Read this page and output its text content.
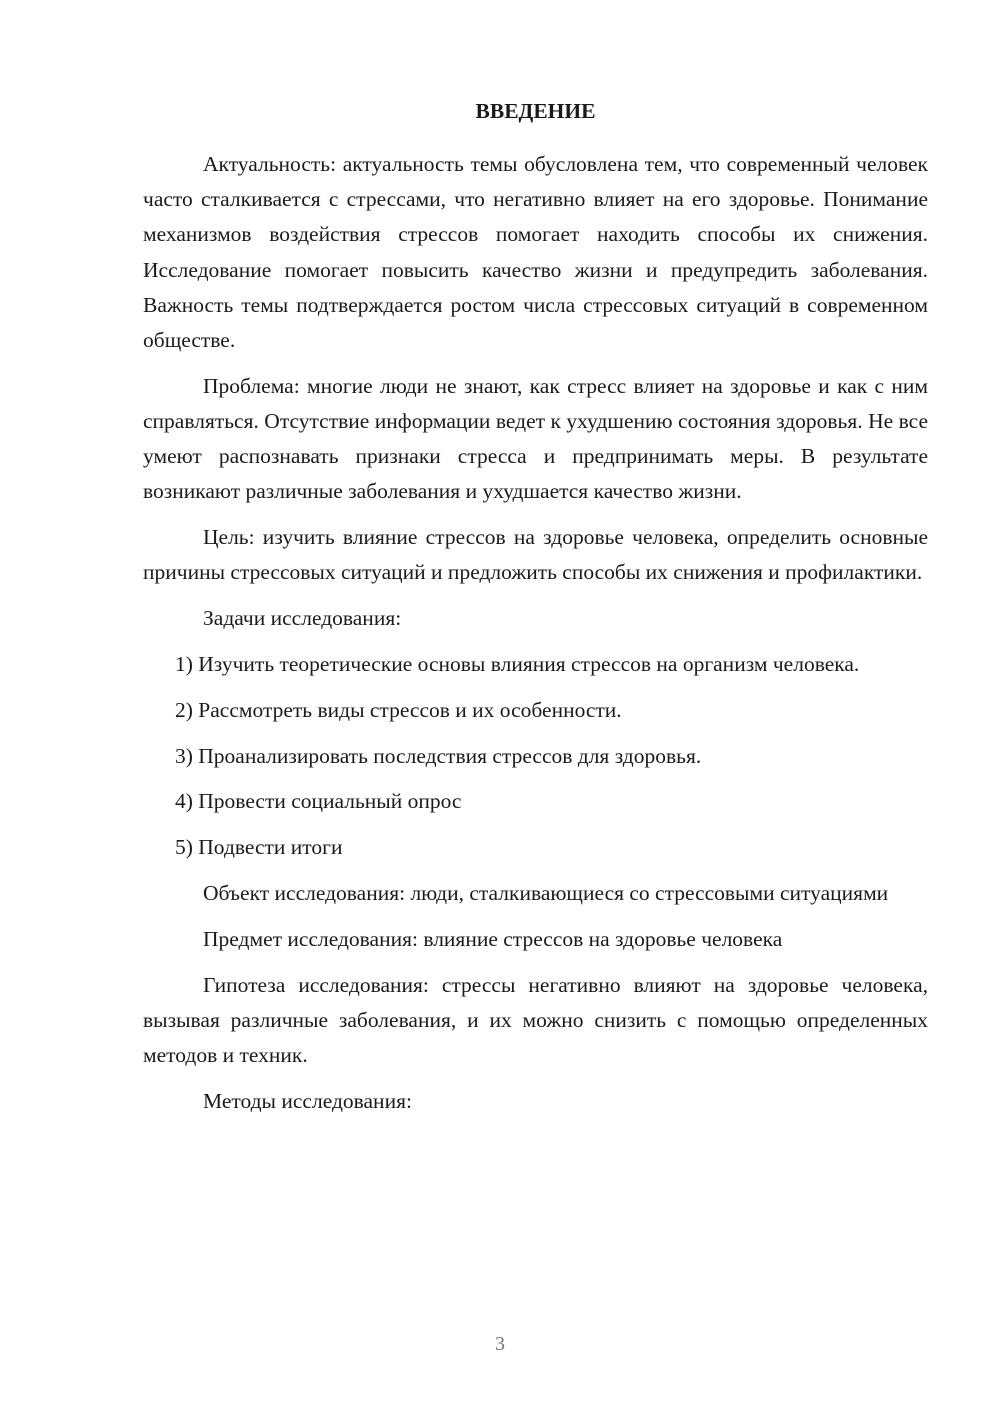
ВВЕДЕНИЕ

Актуальность: актуальность темы обусловлена тем, что современный человек часто сталкивается с стрессами, что негативно влияет на его здоровье. Понимание механизмов воздействия стрессов помогает находить способы их снижения. Исследование помогает повысить качество жизни и предупредить заболевания. Важность темы подтверждается ростом числа стрессовых ситуаций в современном обществе.

Проблема: многие люди не знают, как стресс влияет на здоровье и как с ним справляться. Отсутствие информации ведет к ухудшению состояния здоровья. Не все умеют распознавать признаки стресса и предпринимать меры. В результате возникают различные заболевания и ухудшается качество жизни.

Цель: изучить влияние стрессов на здоровье человека, определить основные причины стрессовых ситуаций и предложить способы их снижения и профилактики.

Задачи исследования:

1) Изучить теоретические основы влияния стрессов на организм человека.

2) Рассмотреть виды стрессов и их особенности.

3) Проанализировать последствия стрессов для здоровья.

4) Провести социальный опрос

5) Подвести итоги

Объект исследования: люди, сталкивающиеся со стрессовыми ситуациями

Предмет исследования: влияние стрессов на здоровье человека

Гипотеза исследования: стрессы негативно влияют на здоровье человека, вызывая различные заболевания, и их можно снизить с помощью определенных методов и техник.

Методы исследования:

3
